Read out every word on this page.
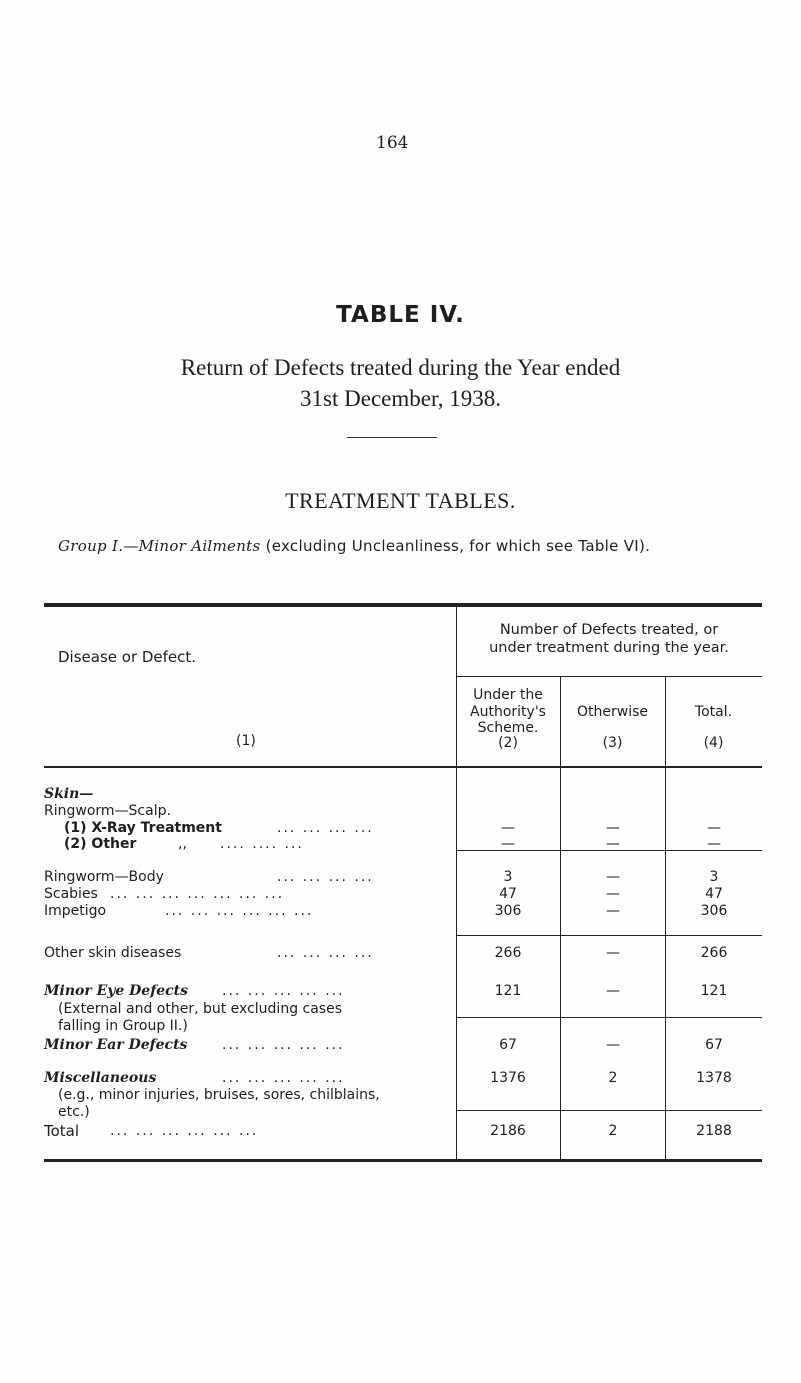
164
TABLE IV.
Return of Defects treated during the Year ended
31st December, 1938.
TREATMENT TABLES.
Group I.—Minor Ailments (excluding Uncleanliness, for which see Table VI).
Disease or Defect.
(1)
Number of Defects treated, or
under treatment during the year.
Under the
Authority's
Scheme.
(2)
Otherwise
(3)
Total.
(4)
Skin—
Ringworm—Scalp.
(1) X-Ray Treatment	... ... ... ...	—	—	—
(2) Other	,, .... .... ...	—	—	—
Ringworm—Body	... ... ... ...	3	—	3
Scabies ... ... ... ... ... ... ...	47	—	47
Impetigo	... ... ... ... ... ...	306	—	306
Other skin diseases	... ... ... ...	266	—	266
Minor Eye Defects ... ... ... ... ...	121	—	121
(External and other, but excluding cases
falling in Group II.)
Minor Ear Defects ... ... ... ... ...	67	—	67
Miscellaneous	... ... ... ... ...	1376	2	1378
(e.g., minor injuries, bruises, sores, chilblains,
etc.)
Total ... ... ... ... ... ...	2186	2	2188
